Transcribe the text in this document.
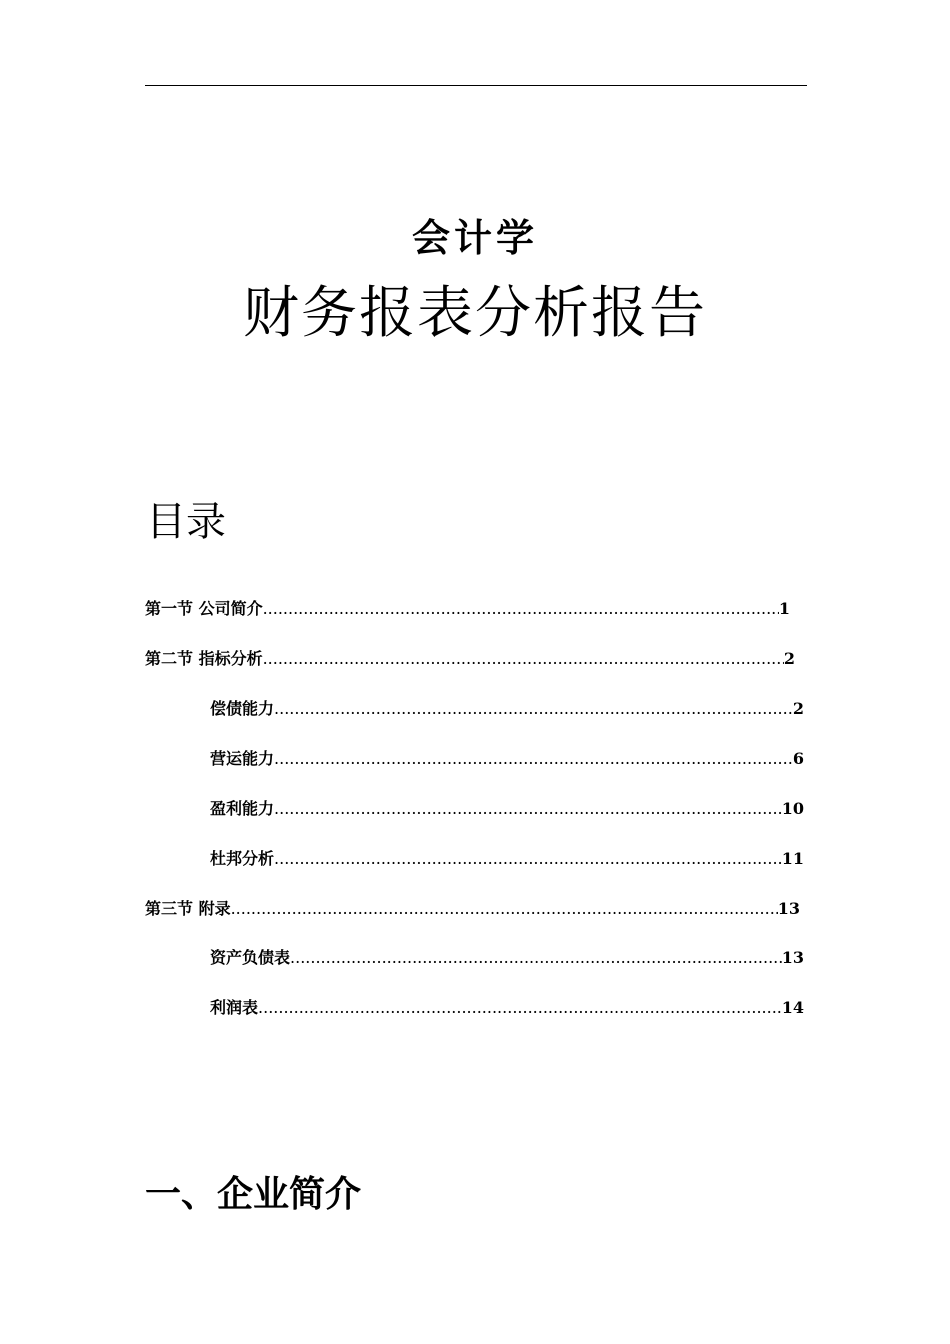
会计学
财务报表分析报告
目录
第一节 公司简介 .....	1
第二节 指标分析 .....	2
偿债能力 .....	2
营运能力 .....	6
盈利能力 .....	10
杜邦分析 .....	11
第三节 附录 .....	13
资产负债表 .....	13
利润表 .....	14
一、企业简介
